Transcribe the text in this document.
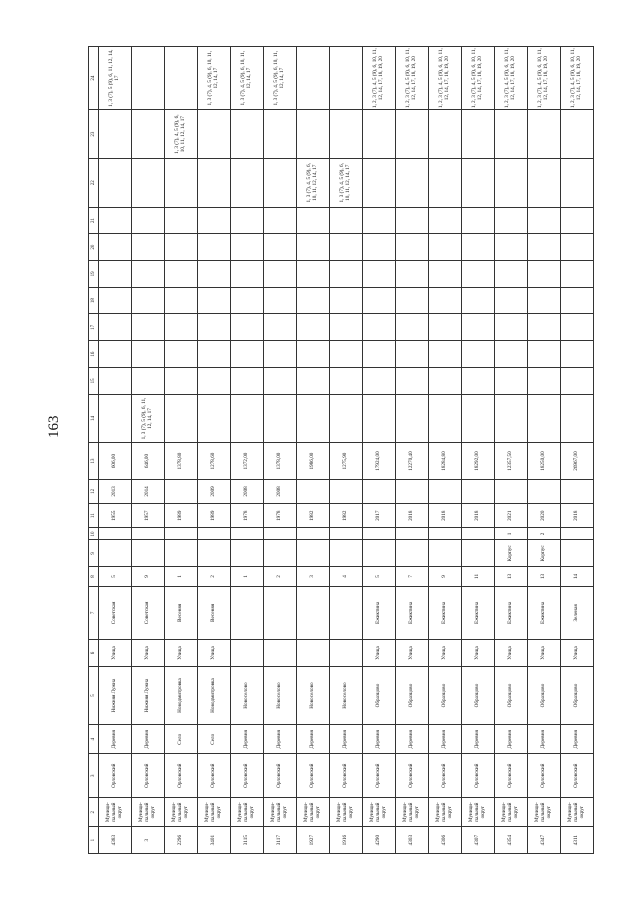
163
1	2	3	4	5	6	7	8	9	10	11	12	13	14	15	16	17	18	19	20	21	22	23	24
4383	Муници-пальный округ	Орловский	Деревня	Нижняя Лужна	Улица	Советская	5			1955	2013	606,00											1, 3 (7), 5 (9), 6, 11, 12, 14, 17
3	Муници-пальный округ	Орловский	Деревня	Нижняя Лужна	Улица	Советская	9			1957	2014	646,00	1, 3 (7), 5 (9), 6, 11, 12, 14, 17										
2296	Муници-пальный округ	Орловский	Село	Новодмитровка	Улица	Весеняя	1			1989		1378,80										1, 3 (7), 4, 5 (9), 6, 10, 11, 12, 14, 17	
3401	Муници-пальный округ	Орловский	Село	Новодмитровка	Улица	Весеняя	2			1989	2009	1278,60											1, 3 (7), 4, 5 (9), 6, 10, 11, 12, 14, 17
3115	Муници-пальный округ	Орловский	Деревня	Новоселово			1			1978	2008	1372,00											1, 3 (7), 4, 5 (9), 6, 10, 11, 12, 14, 17
3117	Муници-пальный округ	Орловский	Деревня	Новоселово			2			1978	2008	1378,00											1, 3 (7), 4, 5 (9), 6, 10, 11, 12, 14, 17
1927	Муници-пальный округ	Орловский	Деревня	Новоселово			3			1982		1986,00									1, 3 (7), 4, 5 (9), 6, 10, 11, 12, 14, 17		
1916	Муници-пальный округ	Орловский	Деревня	Новоселово			4			1982		1275,90									1, 3 (7), 4, 5 (9), 6, 10, 11, 12, 14, 17		
4290	Муници-пальный округ	Орловский	Деревня	Образцово	Улица	Ежиктина	5			2017		17924,00											1, 2, 3 (7), 4, 5 (9), 6, 10, 11, 12, 14, 17, 18, 19, 20
4303	Муници-пальный округ	Орловский	Деревня	Образцово	Улица	Ежиктина	7			2018		12270,40											1, 2, 3 (7), 4, 5 (9), 6, 10, 11, 12, 14, 17, 18, 19, 20
4306	Муници-пальный округ	Орловский	Деревня	Образцово	Улица	Ежиктина	9			2018		18284,80											1, 2, 3 (7), 4, 5 (9), 6, 10, 11, 12, 14, 17, 18, 19, 20
4307	Муници-пальный округ	Орловский	Деревня	Образцово	Улица	Ежиктина	11			2018		18292,00											1, 2, 3 (7), 4, 5 (9), 6, 10, 11, 12, 14, 17, 18, 19, 20
4354	Муници-пальный округ	Орловский	Деревня	Образцово	Улица	Ежиктина	13	Корпус	1	2021		12357,50											1, 2, 3 (7), 4, 5 (9), 6, 10, 11, 12, 14, 17, 18, 19, 20
4347	Муници-пальный округ	Орловский	Деревня	Образцово	Улица	Ежиктина	13	Корпус	2	2020		18250,00											1, 2, 3 (7), 4, 5 (9), 6, 10, 11, 12, 14, 17, 18, 19, 20
4311	Муници-пальный округ	Орловский	Деревня	Образцово	Улица	Зеленая	14			2018		26967,00											1, 2, 3 (7), 4, 5 (9), 6, 10, 11, 12, 14, 17, 18, 19, 20
